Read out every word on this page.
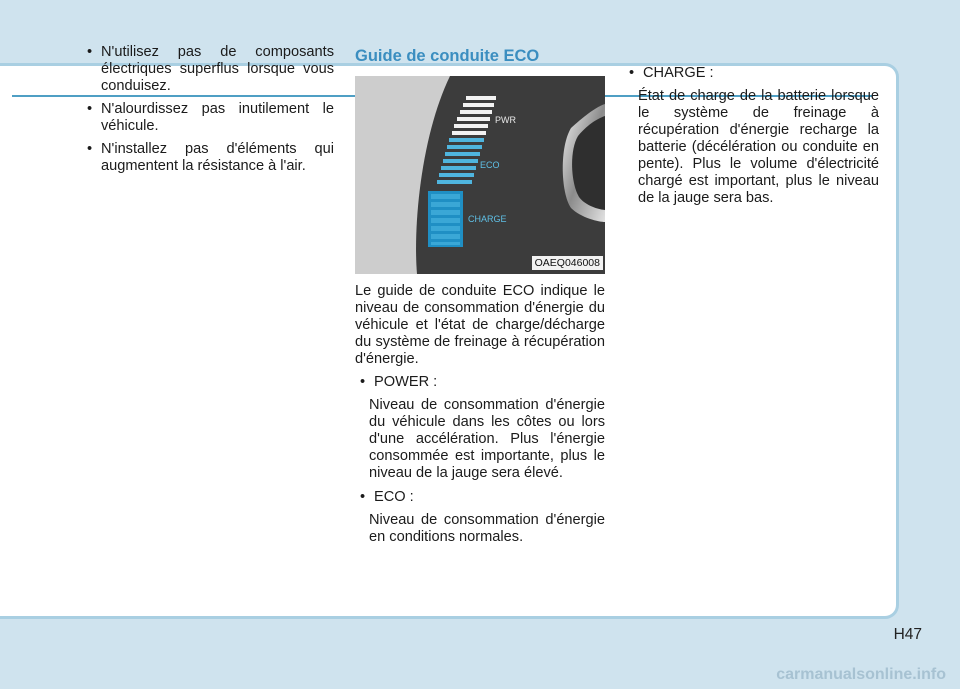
• N'utilisez pas de composants électriques superflus lorsque vous conduisez.
• N'alourdissez pas inutilement le véhicule.
• N'installez pas d'éléments qui augmentent la résistance à l'air.
Guide de conduite ECO
PWR
ECO
CHARGE
OAEQ046008
Le guide de conduite ECO indique le niveau de consommation d'énergie du véhicule et l'état de charge/décharge du système de freinage à récupération d'énergie.
• POWER :
Niveau de consommation d'énergie du véhicule dans les côtes ou lors d'une accélération. Plus l'énergie consommée est importante, plus le niveau de la jauge sera élevé.
• ECO :
Niveau de consommation d'énergie en conditions normales.
• CHARGE :
État de charge de la batterie lorsque le système de freinage à récupération d'énergie recharge la batterie (décélération ou conduite en pente). Plus le volume d'électricité chargé est important, plus le niveau de la jauge sera bas.
H47
carmanualsonline.info
